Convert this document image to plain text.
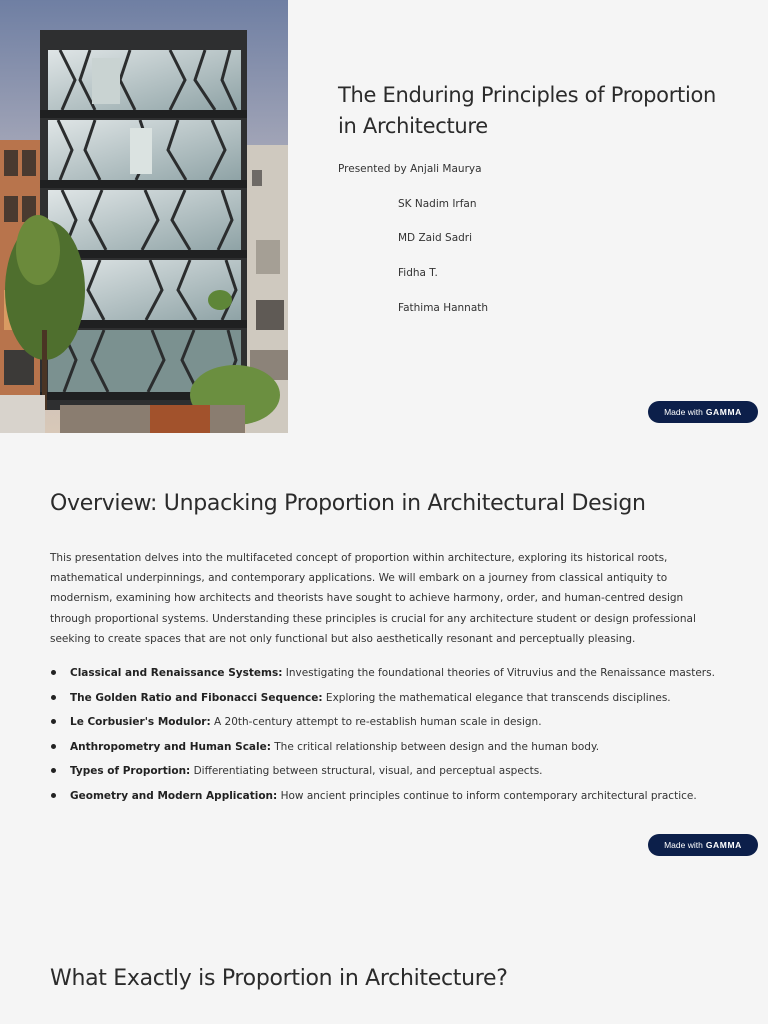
The Enduring Principles of Proportion in Architecture
Presented by Anjali Maurya
SK Nadim Irfan
MD Zaid Sadri
Fidha T.
Fathima Hannath
Made with GAMMA
Overview: Unpacking Proportion in Architectural Design

This presentation delves into the multifaceted concept of proportion within architecture, exploring its historical roots, mathematical underpinnings, and contemporary applications. We will embark on a journey from classical antiquity to modernism, examining how architects and theorists have sought to achieve harmony, order, and human-centred design through proportional systems. Understanding these principles is crucial for any architecture student or design professional seeking to create spaces that are not only functional but also aesthetically resonant and perceptually pleasing.

Classical and Renaissance Systems: Investigating the foundational theories of Vitruvius and the Renaissance masters.
The Golden Ratio and Fibonacci Sequence: Exploring the mathematical elegance that transcends disciplines.
Le Corbusier's Modulor: A 20th-century attempt to re-establish human scale in design.
Anthropometry and Human Scale: The critical relationship between design and the human body.
Types of Proportion: Differentiating between structural, visual, and perceptual aspects.
Geometry and Modern Application: How ancient principles continue to inform contemporary architectural practice.
Made with GAMMA
What Exactly is Proportion in Architecture?
